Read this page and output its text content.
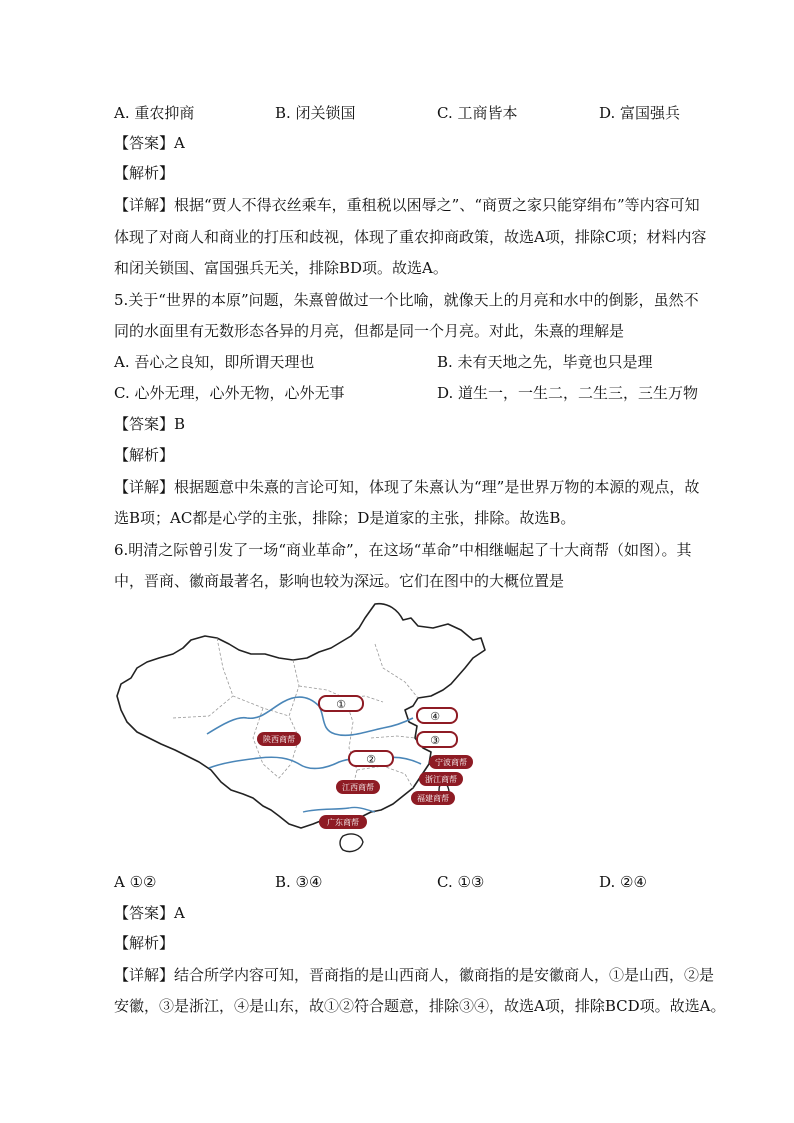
A. 重农抑商	B. 闭关锁国	C. 工商皆本	D. 富国强兵
【答案】A
【解析】
【详解】根据“贾人不得衣丝乘车，重租税以困辱之”、“商贾之家只能穿绢布”等内容可知
体现了对商人和商业的打压和歧视，体现了重农抑商政策，故选A项，排除C项；材料内容
和闭关锁国、富国强兵无关，排除BD项。故选A。
5.关于“世界的本原”问题，朱熹曾做过一个比喻，就像天上的月亮和水中的倒影，虽然不
同的水面里有无数形态各异的月亮，但都是同一个月亮。对此，朱熹的理解是
A. 吾心之良知，即所谓天理也	B. 未有天地之先，毕竟也只是理
C. 心外无理，心外无物，心外无事	D. 道生一，一生二，二生三，三生万物
【答案】B
【解析】
【详解】根据题意中朱熹的言论可知，体现了朱熹认为“理”是世界万物的本源的观点，故
选B项；AC都是心学的主张，排除；D是道家的主张，排除。故选B。
6.明清之际曾引发了一场“商业革命”，在这场“革命”中相继崛起了十大商帮（如图）。其
中，晋商、徽商最著名，影响也较为深远。它们在图中的大概位置是
①
②
③
④
陕西商帮
宁波商帮
浙江商帮
江西商帮
福建商帮
广东商帮
A ①②	B. ③④	C. ①③	D. ②④
【答案】A
【解析】
【详解】结合所学内容可知，晋商指的是山西商人，徽商指的是安徽商人，①是山西，②是
安徽，③是浙江，④是山东，故①②符合题意，排除③④，故选A项，排除BCD项。故选A。
